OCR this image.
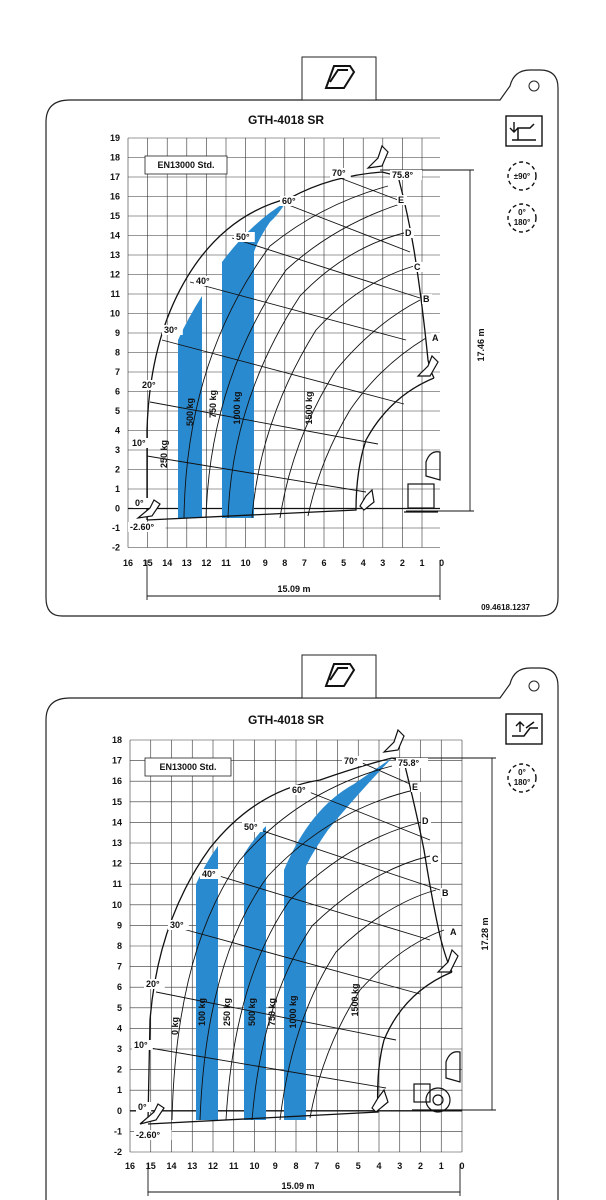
17.46 m
15.09 m
GTH-4018 SR
EN13000 Std.
09.4618.1237
16 15 14 13 12 11 10 9 8 7 6 5 4 3 2 1 0
19
18
17
16
15
14
13
12
11
10
9
8
7
6
5
4
3
2
1
0
-1
-2
0°
10°
20°
30°
40°
50°
60°
70°	75.8°
-2.60°
E
D
C
B
A
250 kg
500 kg 750 kg 1000 kg	1500 kg
±90°
0°
180°
17.28 m
15.09 m
GTH-4018 SR
EN13000 Std.
16 15 14 13 12 11 10 9 8 7 6 5 4 3 2 1 0
18
17
16
15
14
13
12
11
10
9
8
7
6
5
4
3
2
1
0
-1
-2
0°
10°
20°
30°
40°
50°
60°
70°	75.8°
-2.60°
E
D
C
B
A
0 kg 100 kg 250 kg 500 kg 750 kg 1000 kg	1500 kg
0°
180°
